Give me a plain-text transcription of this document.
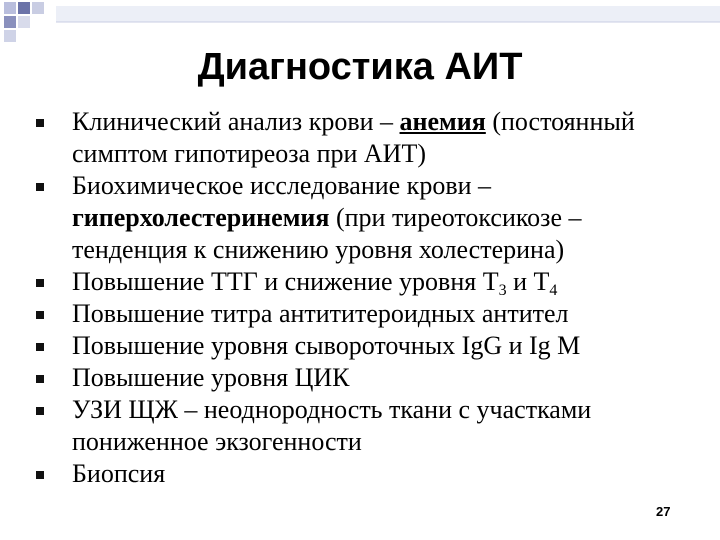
Диагностика АИТ
Клинический анализ крови – анемия (постоянный симптом гипотиреоза при АИТ)
Биохимическое исследование крови – гиперхолестеринемия (при тиреотоксикозе – тенденция к снижению уровня холестерина)
Повышение ТТГ и снижение уровня $Т_3$ и $Т_4$
Повышение титра антититероидных антител
Повышение уровня сывороточных IgG и Ig M
Повышение уровня ЦИК
УЗИ ЩЖ – неоднородность ткани с участками пониженное экзогенности
Биопсия
27
